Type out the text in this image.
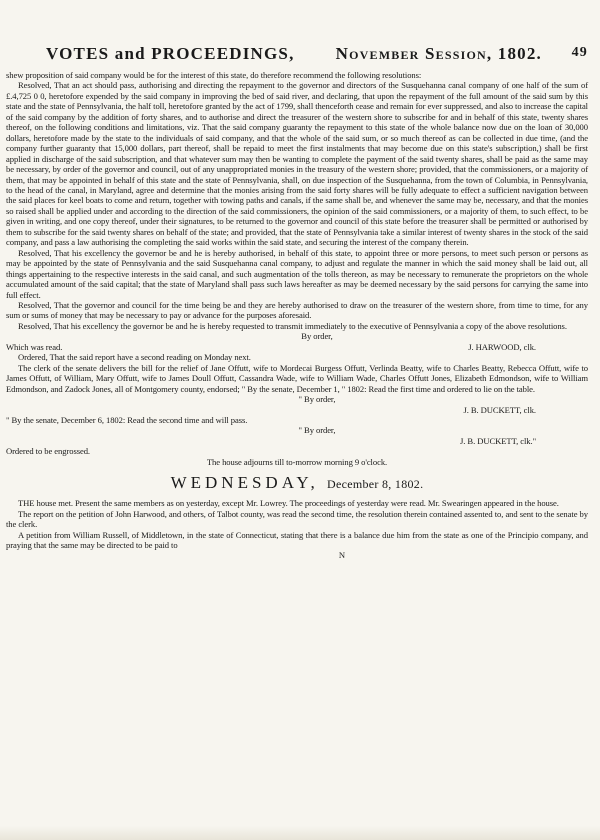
VOTES and PROCEEDINGS, November Session, 1802. 49

shew proposition of said company would be for the interest of this state, do therefore recommend the following resolutions:

Resolved, That an act should pass, authorising and directing the repayment to the governor and directors of the Susquehanna canal company of one half of the sum of £.4,725 0 0, heretofore expended by the said company in improving the bed of said river, and declaring, that upon the repayment of the full amount of the said sum by this state and the state of Pennsylvania, the half toll, heretofore granted by the act of 1799, shall thenceforth cease and remain for ever suppressed, and also to increase the capital of the said company by the addition of forty shares, and to authorise and direct the treasurer of the western shore to subscribe for and in behalf of this state, twenty shares thereof, on the following conditions and limitations, viz. That the said company guaranty the repayment to this state of the whole balance now due on the loan of 30,000 dollars, heretofore made by the state to the individuals of said company, and that the whole of the said sum, or so much thereof as can be collected in due time, (and the company further guaranty that 15,000 dollars, part thereof, shall be repaid to meet the first instalments that may become due on this state's subscription,) shall be first applied in discharge of the said subscription, and that whatever sum may then be wanting to complete the payment of the said twenty shares, shall be paid as the same may be necessary, by order of the governor and council, out of any unappropriated monies in the treasury of the western shore; provided, that the commissioners, or a majority of them, that may be appointed in behalf of this state and the state of Pennsylvania, shall, on due inspection of the Susquehanna, from the town of Columbia, in Pennsylvania, to the head of the canal, in Maryland, agree and determine that the monies arising from the said forty shares will be fully adequate to effect a sufficient navigation between the said places for keel boats to come and return, together with towing paths and canals, if the same shall be, and whenever the same may be, necessary, and that the monies so raised shall be applied under and according to the direction of the said commissioners, the opinion of the said commissioners, or a majority of them, to such effect, to be given in writing, and one copy thereof, under their signatures, to be returned to the governor and council of this state before the treasurer shall be permitted or authorised by them to subscribe for the said twenty shares on behalf of the state; and provided, that the state of Pennsylvania take a similar interest of twenty shares in the stock of the said company, and pass a law authorising the completing the said works within the said state, and securing the interest of the company therein.

Resolved, That his excellency the governor be and he is hereby authorised, in behalf of this state, to appoint three or more persons, to meet such person or persons as may be appointed by the state of Pennsylvania and the said Susquehanna canal company, to adjust and regulate the manner in which the said money shall be laid out, all things appertaining to the respective interests in the said canal, and such augmentation of the tolls thereon, as may be necessary to remunerate the proprietors on the whole accumulated amount of the said capital; that the state of Maryland shall pass such laws hereafter as may be deemed necessary by the said persons for carrying the same into full effect.

Resolved, That the governor and council for the time being be and they are hereby authorised to draw on the treasurer of the western shore, from time to time, for any sum or sums of money that may be necessary to pay or advance for the purposes aforesaid.

Resolved, That his excellency the governor be and he is hereby requested to transmit immediately to the executive of Pennsylvania a copy of the above resolutions.

By order,

Which was read.	J. HARWOOD, clk.

Ordered, That the said report have a second reading on Monday next.

The clerk of the senate delivers the bill for the relief of Jane Offutt, wife to Mordecai Burgess Offutt, Verlinda Beatty, wife to Charles Beatty, Rebecca Offutt, wife to James Offutt, of William, Mary Offutt, wife to James Doull Offutt, Cassandra Wade, wife to William Wade, Charles Offutt Jones, Elizabeth Edmondson, wife to William Edmondson, and Zadock Jones, all of Montgomery county, endorsed; " By the senate, December 1, " 1802: Read the first time and ordered to lie on the table.

" By order,

J. B. DUCKETT, clk.

" By the senate, December 6, 1802: Read the second time and will pass.

" By order,

J. B. DUCKETT, clk."

Ordered to be engrossed.

The house adjourns till to-morrow morning 9 o'clock.

WEDNESDAY, December 8, 1802.

THE house met. Present the same members as on yesterday, except Mr. Lowrey. The proceedings of yesterday were read. Mr. Swearingen appeared in the house.

The report on the petition of John Harwood, and others, of Talbot county, was read the second time, the resolution therein contained assented to, and sent to the senate by the clerk.

A petition from William Russell, of Middletown, in the state of Connecticut, stating that there is a balance due him from the state as one of the Principio company, and praying that the same may be directed to be paid to

N
